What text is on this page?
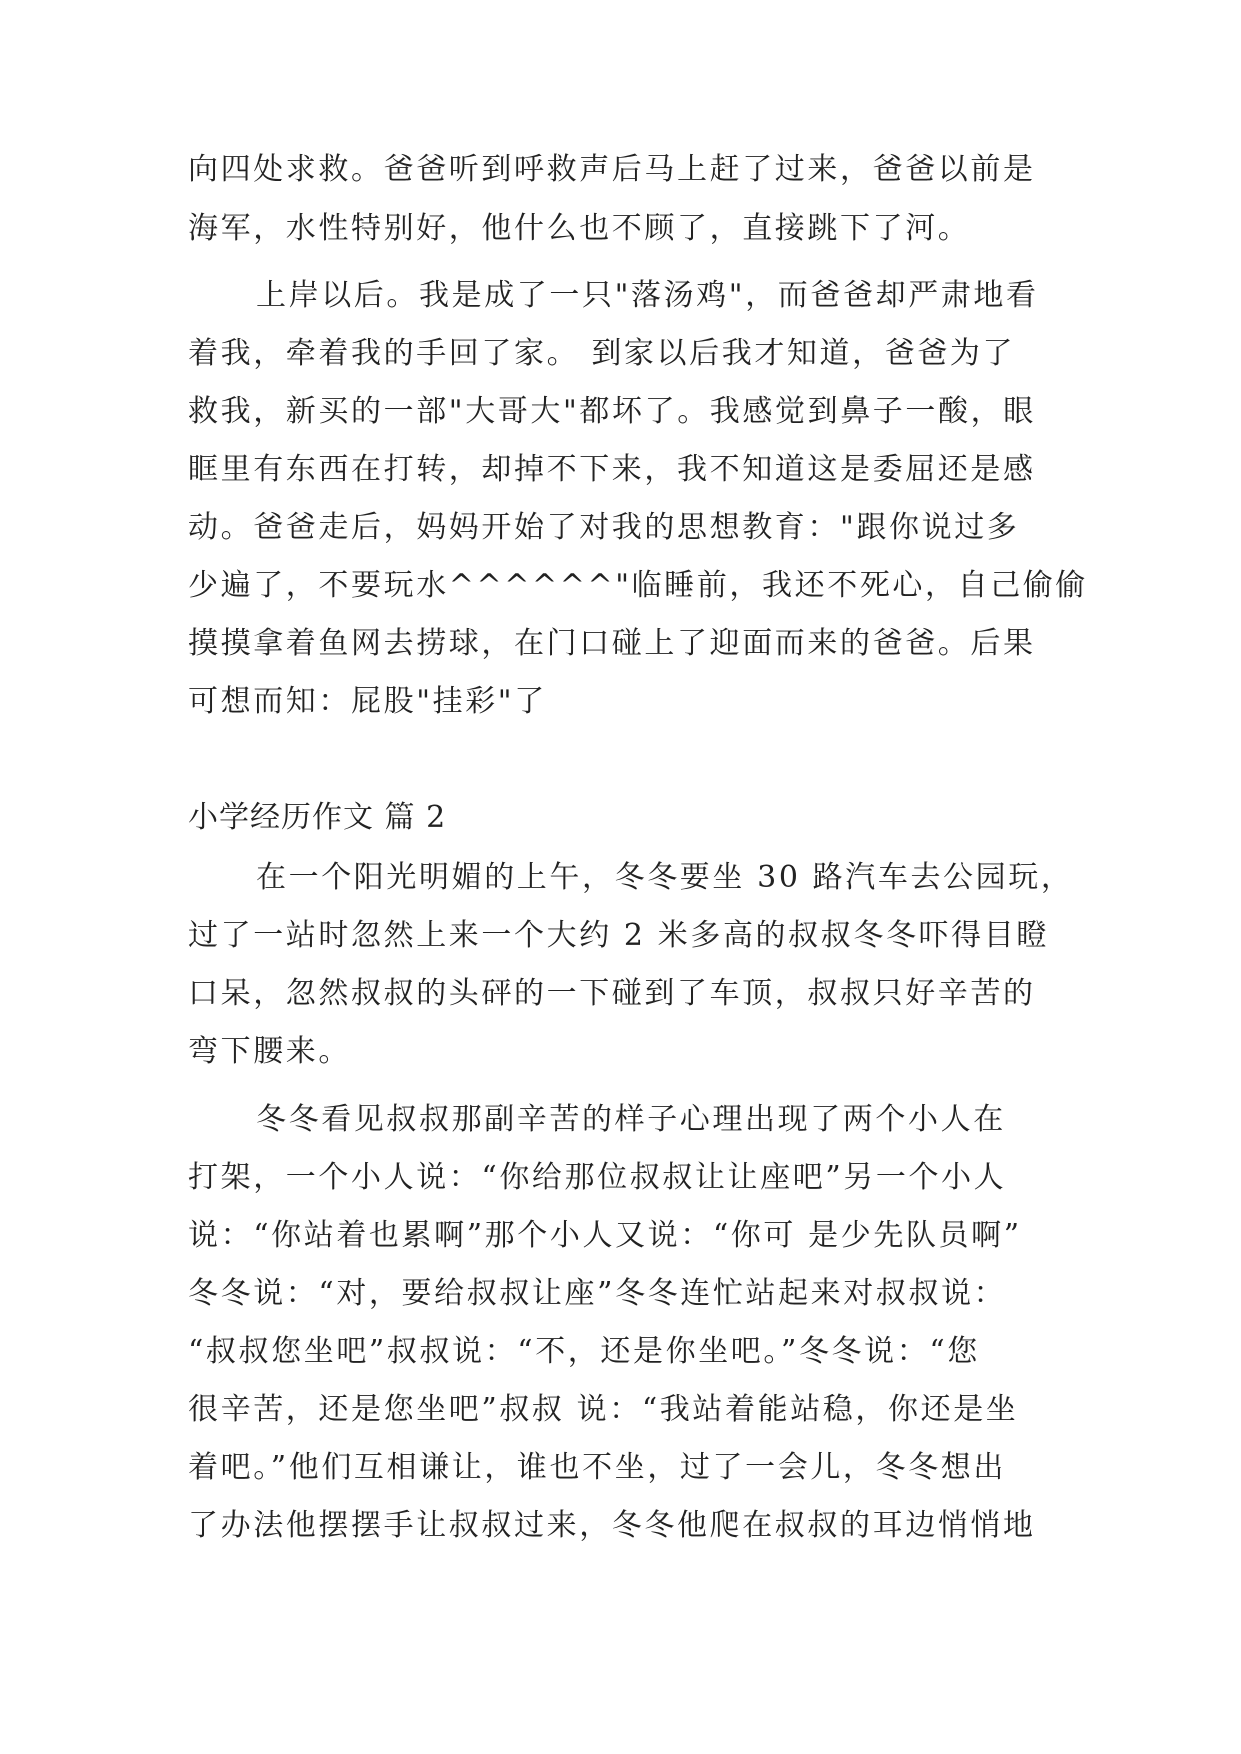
向四处求救。爸爸听到呼救声后马上赶了过来，爸爸以前是
海军，水性特别好，他什么也不顾了，直接跳下了河。
上岸以后。我是成了一只"落汤鸡"，而爸爸却严肃地看
着我，牵着我的手回了家。 到家以后我才知道，爸爸为了
救我，新买的一部"大哥大"都坏了。我感觉到鼻子一酸，眼
眶里有东西在打转，却掉不下来，我不知道这是委屈还是感
动。爸爸走后，妈妈开始了对我的思想教育："跟你说过多
少遍了，不要玩水^^^^^^"临睡前，我还不死心，自己偷偷
摸摸拿着鱼网去捞球，在门口碰上了迎面而来的爸爸。后果
可想而知：屁股"挂彩"了
小学经历作文 篇 2
在一个阳光明媚的上午，冬冬要坐 30 路汽车去公园玩，
过了一站时忽然上来一个大约 2 米多高的叔叔冬冬吓得目瞪
口呆，忽然叔叔的头砰的一下碰到了车顶，叔叔只好辛苦的
弯下腰来。
冬冬看见叔叔那副辛苦的样子心理出现了两个小人在
打架，一个小人说：“你给那位叔叔让让座吧”另一个小人
说：“你站着也累啊”那个小人又说：“你可 是少先队员啊”
冬冬说：“对，要给叔叔让座”冬冬连忙站起来对叔叔说：
“叔叔您坐吧”叔叔说：“不，还是你坐吧。”冬冬说：“您
很辛苦，还是您坐吧”叔叔 说：“我站着能站稳，你还是坐
着吧。”他们互相谦让，谁也不坐，过了一会儿，冬冬想出
了办法他摆摆手让叔叔过来，冬冬他爬在叔叔的耳边悄悄地
